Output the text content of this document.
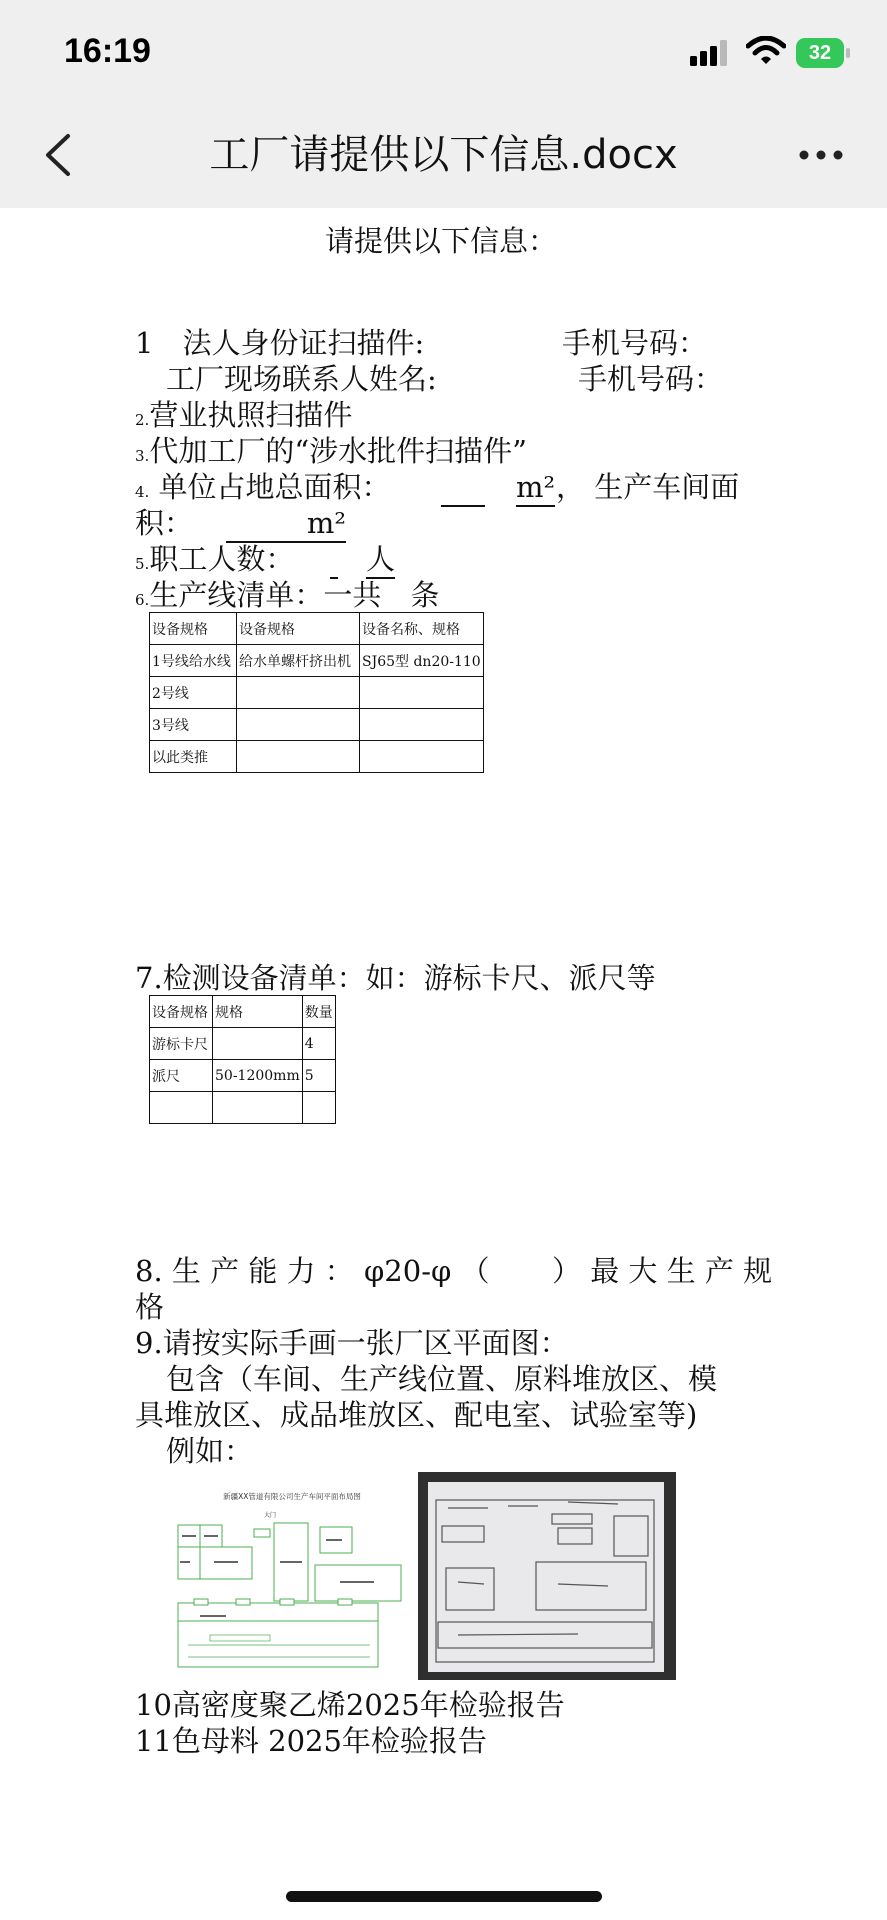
16:19	32
工厂请提供以下信息.docx
请提供以下信息：
1　法人身份证扫描件:	手机号码：
工厂现场联系人姓名:	手机号码：
2.营业执照扫描件
3.代加工厂的“涉水批件扫描件”
4. 单位占地总面积：
	m² ， 生产车间面
积：	m²
5.职工人数：
人
6.生产线清单：一共　条
设备规格	设备规格	设备名称、规格
1号线给水线	给水单螺杆挤出机	SJ65型 dn20-110
2号线		
3号线		
以此类推		
7.检测设备清单：如：游标卡尺、派尺等
设备规格	规格	数量
游标卡尺		4
派尺	50-1200mm	5

8. 生 产 能 力 ： φ20-φ （ ） 最 大 生 产 规
格
9.请按实际手画一张厂区平面图：
包含（车间、生产线位置、原料堆放区、模
具堆放区、成品堆放区、配电室、试验室等)
例如：
10高密度聚乙烯2025年检验报告
11色母料 2025年检验报告
新疆XX管道有限公司生产车间平面布局图
大门
